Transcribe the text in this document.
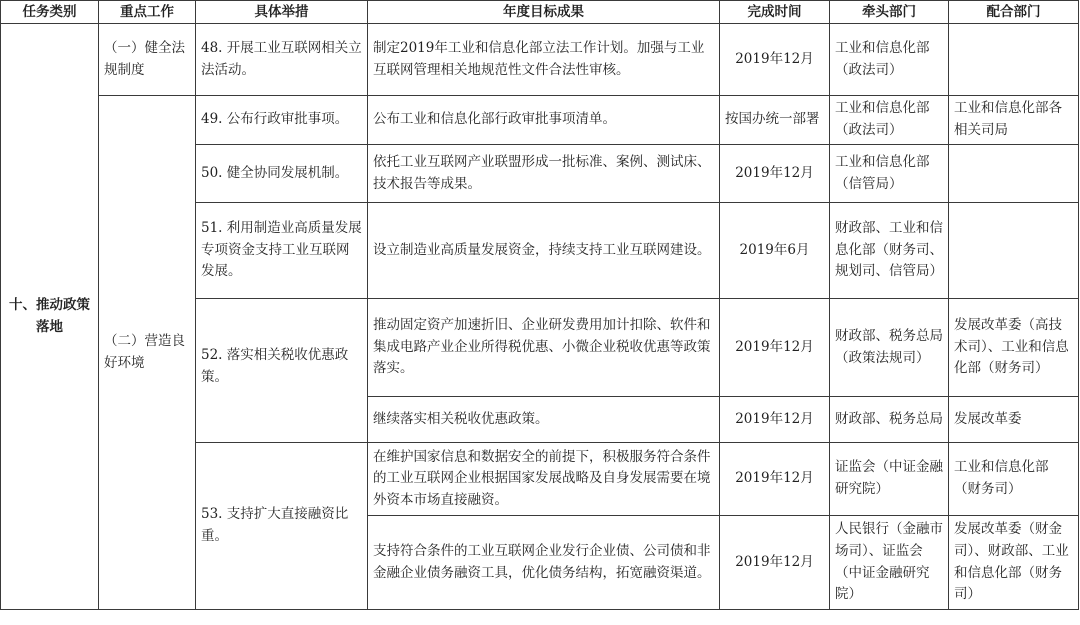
任务类别	重点工作	具体举措	年度目标成果	完成时间	牵头部门	配合部门
十、推动政策落地	（一）健全法规制度	48. 开展工业互联网相关立法活动。	制定2019年工业和信息化部立法工作计划。加强与工业互联网管理相关地规范性文件合法性审核。	2019年12月	工业和信息化部（政法司）	
	（二）营造良好环境	49. 公布行政审批事项。	公布工业和信息化部行政审批事项清单。	按国办统一部署	工业和信息化部（政法司）	工业和信息化部各相关司局
		50. 健全协同发展机制。	依托工业互联网产业联盟形成一批标准、案例、测试床、技术报告等成果。	2019年12月	工业和信息化部（信管局）	
		51. 利用制造业高质量发展专项资金支持工业互联网发展。	设立制造业高质量发展资金，持续支持工业互联网建设。	2019年6月	财政部、工业和信息化部（财务司、规划司、信管局）	
		52. 落实相关税收优惠政策。	推动固定资产加速折旧、企业研发费用加计扣除、软件和集成电路产业企业所得税优惠、小微企业税收优惠等政策落实。	2019年12月	财政部、税务总局（政策法规司）	发展改革委（高技术司）、工业和信息化部（财务司）
			继续落实相关税收优惠政策。	2019年12月	财政部、税务总局	发展改革委
		53. 支持扩大直接融资比重。	在维护国家信息和数据安全的前提下，积极服务符合条件的工业互联网企业根据国家发展战略及自身发展需要在境外资本市场直接融资。	2019年12月	证监会（中证金融研究院）	工业和信息化部（财务司）
			支持符合条件的工业互联网企业发行企业债、公司债和非金融企业债务融资工具，优化债务结构，拓宽融资渠道。	2019年12月	人民银行（金融市场司）、证监会（中证金融研究院）	发展改革委（财金司）、财政部、工业和信息化部（财务司）
